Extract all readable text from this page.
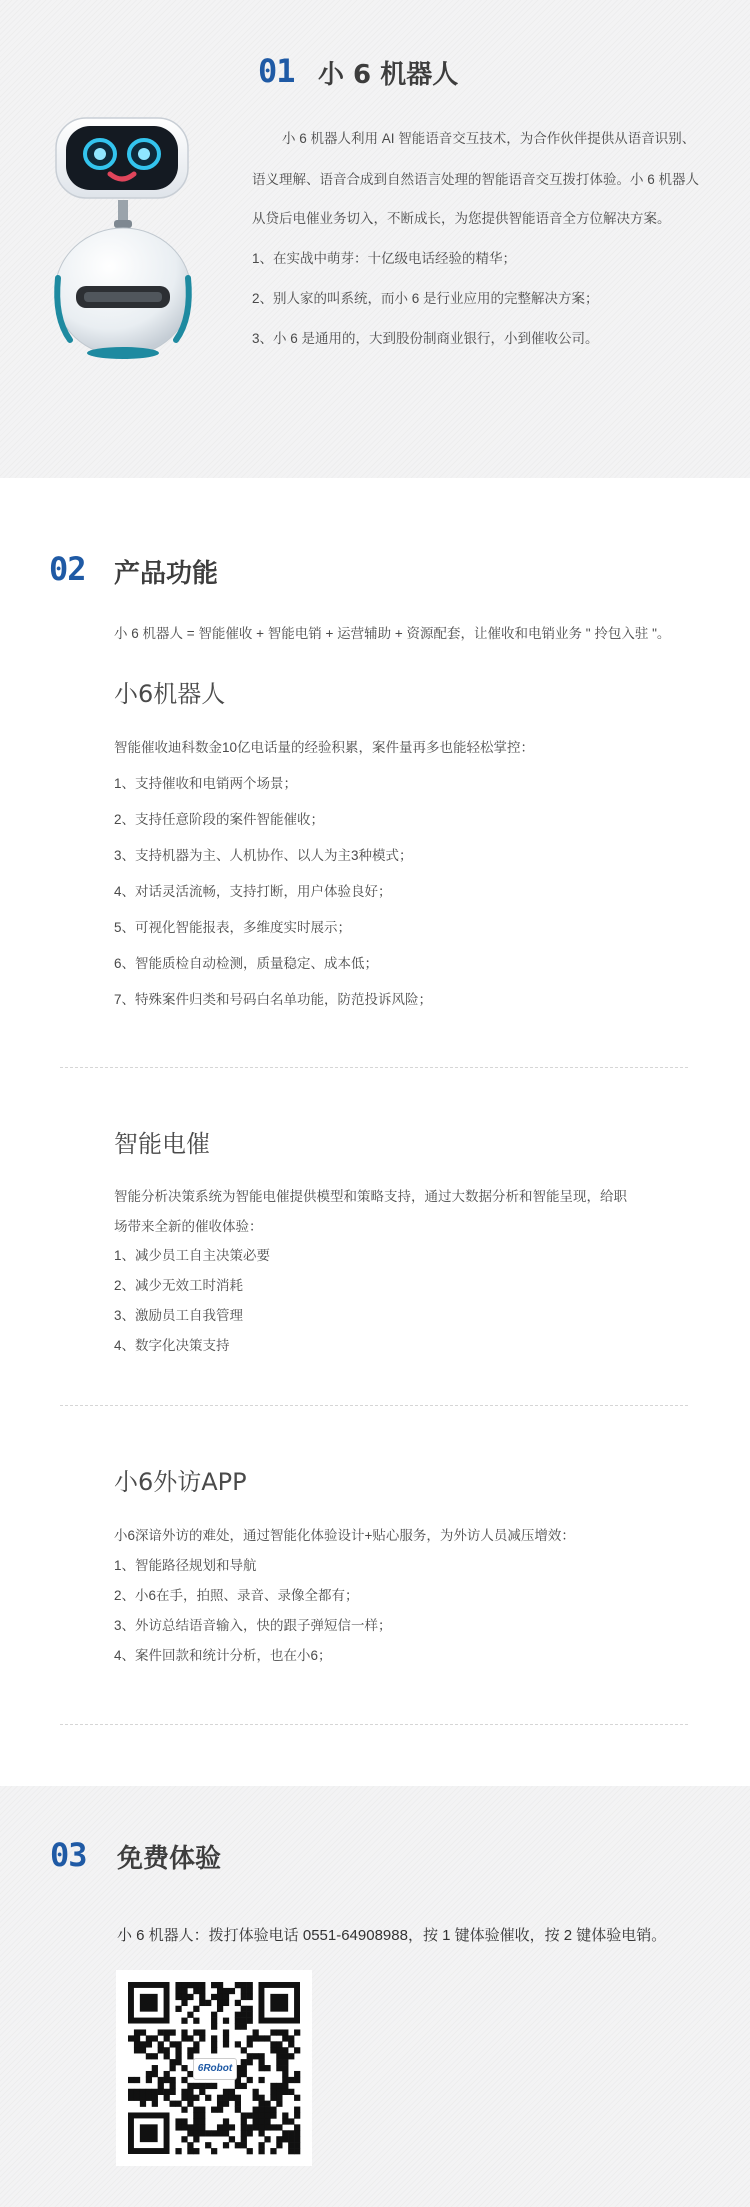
01 小 6 机器人

小 6 机器人利用 AI 智能语音交互技术，为合作伙伴提供从语音识别、

语义理解、语音合成到自然语言处理的智能语音交互拨打体验。小 6 机器人

从贷后电催业务切入，不断成长，为您提供智能语音全方位解决方案。

1、在实战中萌芽：十亿级电话经验的精华；

2、别人家的叫系统，而小 6 是行业应用的完整解决方案；

3、小 6 是通用的，大到股份制商业银行，小到催收公司。

02 产品功能

小 6 机器人 = 智能催收 + 智能电销 + 运营辅助 + 资源配套，让催收和电销业务 " 拎包入驻 "。

小6机器人

智能催收迪科数金10亿电话量的经验积累，案件量再多也能轻松掌控：

1、支持催收和电销两个场景；

2、支持任意阶段的案件智能催收；

3、支持机器为主、人机协作、以人为主3种模式；

4、对话灵活流畅，支持打断，用户体验良好；

5、可视化智能报表，多维度实时展示；

6、智能质检自动检测，质量稳定、成本低；

7、特殊案件归类和号码白名单功能，防范投诉风险；

智能电催

智能分析决策系统为智能电催提供模型和策略支持，通过大数据分析和智能呈现，给职

场带来全新的催收体验：

1、减少员工自主决策必要

2、减少无效工时消耗

3、激励员工自我管理

4、数字化决策支持

小6外访APP

小6深谙外访的难处，通过智能化体验设计+贴心服务，为外访人员减压增效：

1、智能路径规划和导航

2、小6在手，拍照、录音、录像全都有；

3、外访总结语音输入，快的跟子弹短信一样；

4、案件回款和统计分析，也在小6；

03 免费体验

小 6 机器人：拨打体验电话 0551-64908988，按 1 键体验催收，按 2 键体验电销。

6Robot
